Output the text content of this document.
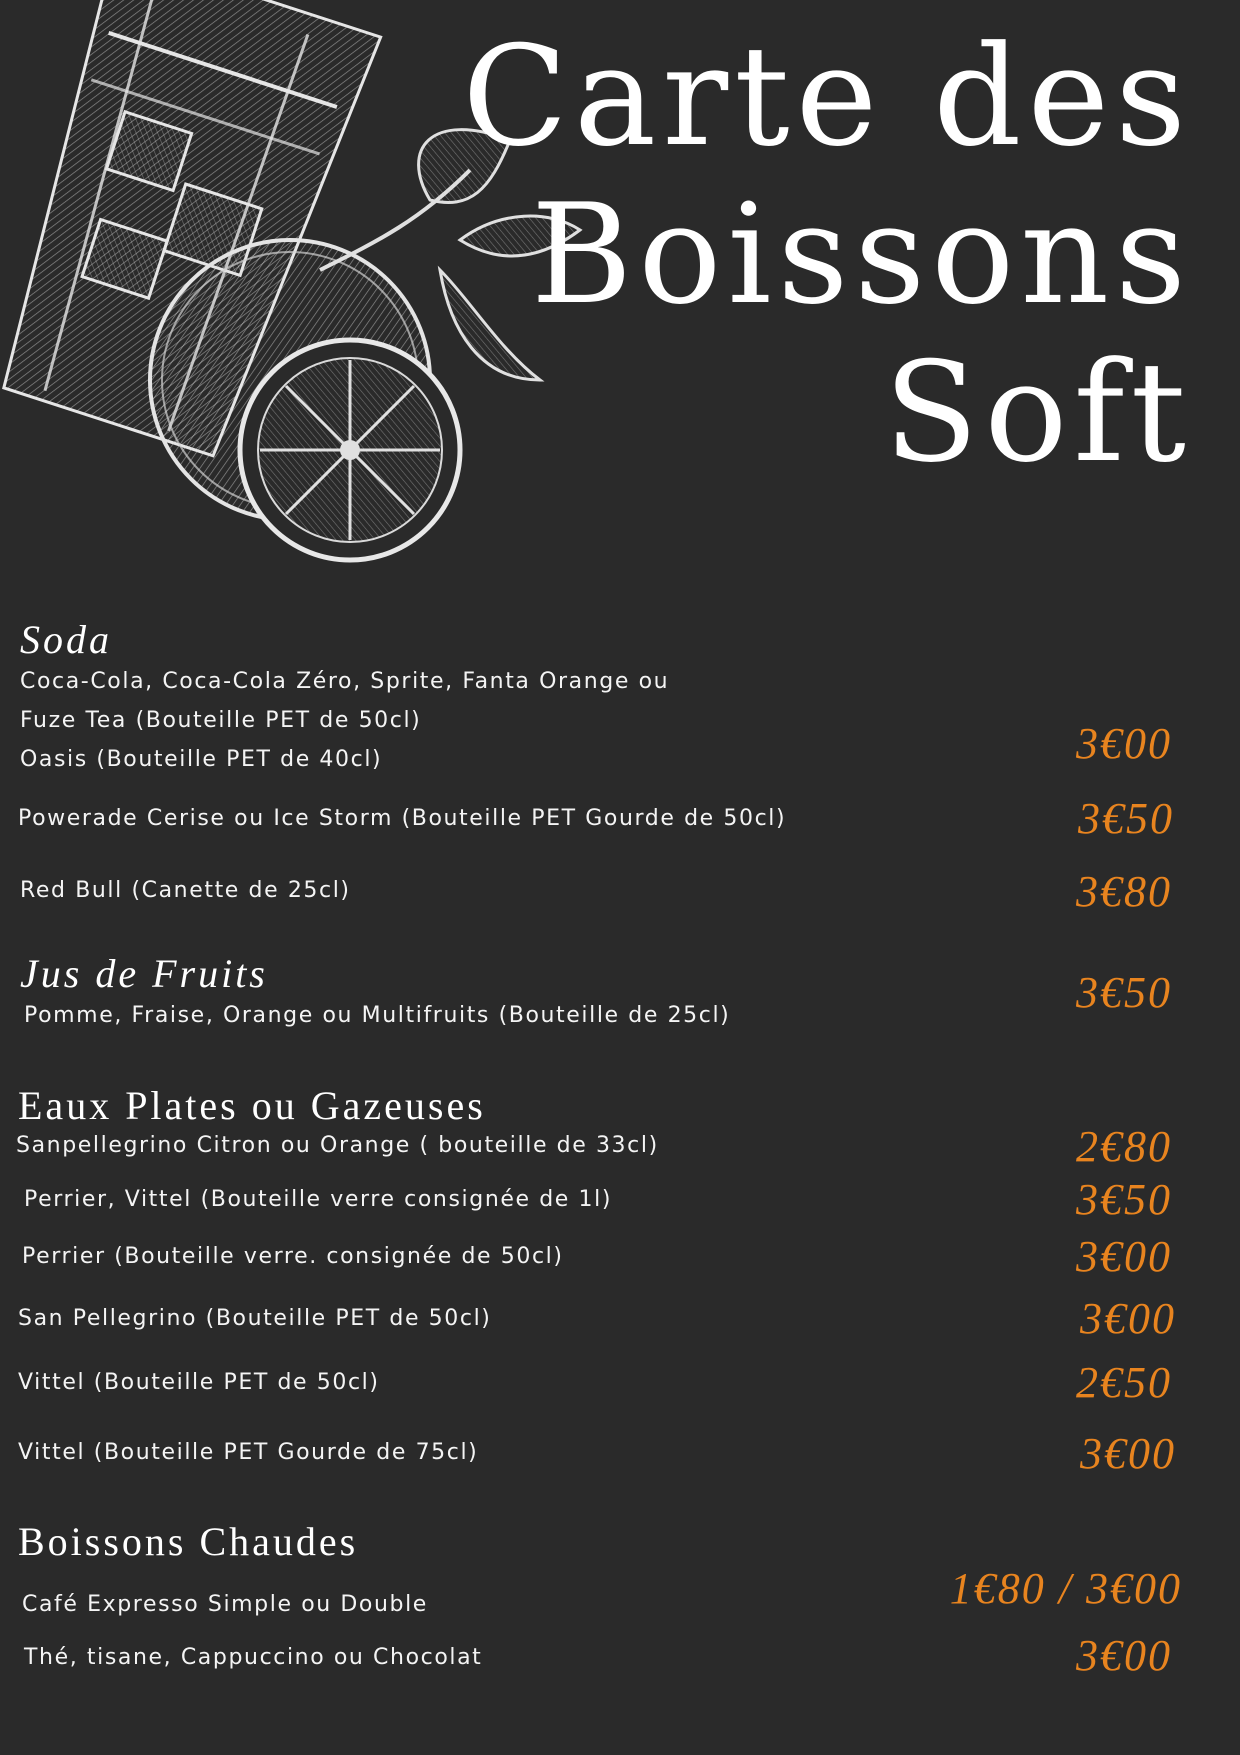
Carte des
Boissons
Soft
Soda
Coca-Cola, Coca-Cola Zéro, Sprite, Fanta Orange ou
Fuze Tea (Bouteille PET de 50cl)
Oasis (Bouteille PET de 40cl)	3€00
Powerade Cerise ou Ice Storm (Bouteille PET Gourde de 50cl)	3€50
Red Bull (Canette de 25cl)	3€80
Jus de Fruits
Pomme, Fraise, Orange ou Multifruits (Bouteille de 25cl)	3€50
Eaux Plates ou Gazeuses
Sanpellegrino Citron ou Orange ( bouteille de 33cl)	2€80
Perrier, Vittel (Bouteille verre consignée de 1l)	3€50
Perrier (Bouteille verre. consignée de 50cl)	3€00
San Pellegrino (Bouteille PET de 50cl)	3€00
Vittel (Bouteille PET de 50cl)	2€50
Vittel (Bouteille PET Gourde de 75cl)	3€00
Boissons Chaudes
Café Expresso Simple ou Double	1€80 / 3€00
Thé, tisane, Cappuccino ou Chocolat	3€00
